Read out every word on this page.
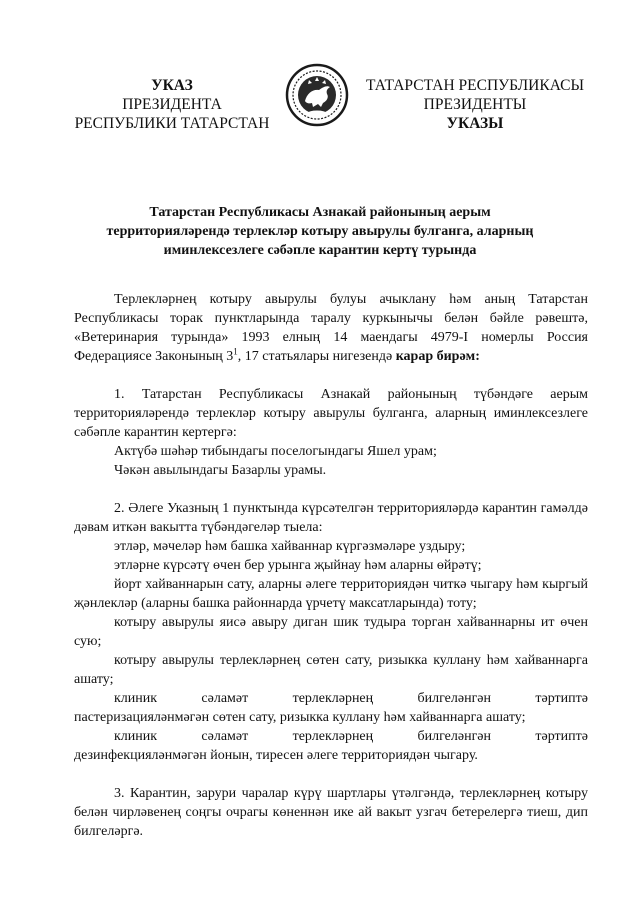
УКАЗ
ПРЕЗИДЕНТА
РЕСПУБЛИКИ ТАТАРСТАН
ТАТАРСТАН РЕСПУБЛИКАСЫ
ПРЕЗИДЕНТЫ
УКАЗЫ
Татарстан Республикасы Азнакай районының аерым
территорияләрендә терлекләр котыру авырулы булганга, аларның
иминлексезлеге сәбәпле карантин кертү турында

Терлекләрнең котыру авырулы булуы ачыклану һәм аның Татарстан Республикасы торак пунктларында таралу куркынычы белән бәйле рәвештә, «Ветеринария турында» 1993 елның 14 маендагы 4979-I номерлы Россия Федерациясе Законының $3^1$, 17 статьялары нигезендә карар бирәм:

1. Татарстан Республикасы Азнакай районының түбәндәге аерым территорияләрендә терлекләр котыру авырулы булганга, аларның иминлексезлеге сәбәпле карантин кертергә:

Актүбә шәһәр тибындагы поселогындагы Яшел урам;

Чәкән авылындагы Базарлы урамы.

2. Әлеге Указның 1 пунктында күрсәтелгән территорияләрдә карантин гамәлдә дәвам иткән вакытта түбәндәгеләр тыела:

этләр, мәчеләр һәм башка хайваннар күргәзмәләре уздыру;

этләрне күрсәтү өчен бер урынга җыйнау һәм аларны өйрәтү;

йорт хайваннарын сату, аларны әлеге территориядән читкә чыгару һәм кыргый җәнлекләр (аларны башка районнарда үрчетү максатларында) тоту;

котыру авырулы яисә авыру диган шик тудыра торган хайваннарны ит өчен сую;

котыру авырулы терлекләрнең сөтен сату, ризыкка куллану һәм хайваннарга ашату;

клиник	сәламәт	терлекләрнең	билгеләнгән	тәртиптә

пастеризацияләнмәгән сөтен сату, ризыкка куллану һәм хайваннарга ашату;

клиник	сәламәт	терлекләрнең	билгеләнгән	тәртиптә

дезинфекцияләнмәгән йонын, тиресен әлеге территориядән чыгару.

3. Карантин, зарури чаралар күрү шартлары үтәлгәндә, терлекләрнең котыру белән чирләвенең соңгы очрагы көненнән ике ай вакыт узгач бетерелергә тиеш, дип билгеләргә.
